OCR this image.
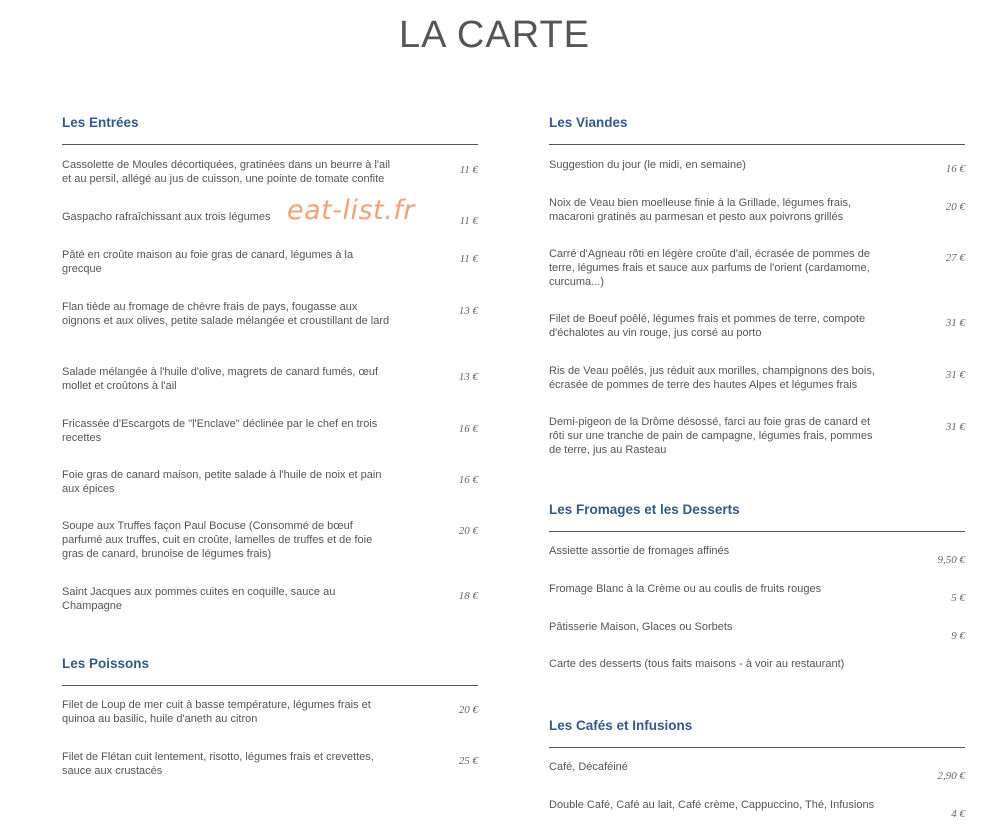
LA CARTE
Les Entrées
Cassolette de Moules décortiquées, gratinées dans un beurre à l'ail et au persil, allégé au jus de cuisson, une pointe de tomate confite
11 €
Gaspacho rafraîchissant aux trois légumes	11 €
Pâté en croûte maison au foie gras de canard, légumes à la grecque
11 €
Flan tiède au fromage de chèvre frais de pays, fougasse aux oignons et aux olives, petite salade mélangée et croustillant de lard
13 €
Salade mélangée à l'huile d'olive, magrets de canard fumés, œuf mollet et croûtons à l'ail
13 €
Fricassée d'Escargots de "l'Enclave" déclinée par le chef en trois recettes
16 €
Foie gras de canard maison, petite salade à l'huile de noix et pain aux épices
16 €
Soupe aux Truffes façon Paul Bocuse (Consommé de bœuf parfumé aux truffes, cuit en croûte, lamelles de truffes et de foie gras de canard, brunoise de légumes frais)
20 €
Saint Jacques aux pommes cuites en coquille, sauce au Champagne
18 €
Les Poissons
Filet de Loup de mer cuit à basse température, légumes frais et quinoa au basilic, huile d'aneth au citron
20 €
Filet de Flétan cuit lentement, risotto, légumes frais et crevettes, sauce aux crustacés
25 €
Les Viandes
Suggestion du jour (le midi, en semaine)	16 €
Noix de Veau bien moelleuse finie à la Grillade, légumes frais, macaroni gratinés au parmesan et pesto aux poivrons grillés
20 €
Carré d'Agneau rôti en légère croûte d'ail, écrasée de pommes de terre, légumes frais et sauce aux parfums de l'orient (cardamome, curcuma...)
27 €
Filet de Boeuf poêlé, légumes frais et pommes de terre, compote d'échalotes au vin rouge, jus corsé au porto
31 €
Ris de Veau poêlés, jus réduit aux morilles, champignons des bois, écrasée de pommes de terre des hautes Alpes et légumes frais
31 €
Demi-pigeon de la Drôme désossé, farci au foie gras de canard et rôti sur une tranche de pain de campagne, légumes frais, pommes de terre, jus au Rasteau
31 €
Les Fromages et les Desserts
Assiette assortie de fromages affinés
9,50 €
Fromage Blanc à la Crème ou au coulis de fruits rouges
5 €
Pâtisserie Maison, Glaces ou Sorbets
9 €
Carte des desserts (tous faits maisons - à voir au restaurant)
Les Cafés et Infusions
Café, Décaféiné
2,90 €
Double Café, Café au lait, Café crème, Cappuccino, Thé, Infusions
4 €
eat-list.fr
